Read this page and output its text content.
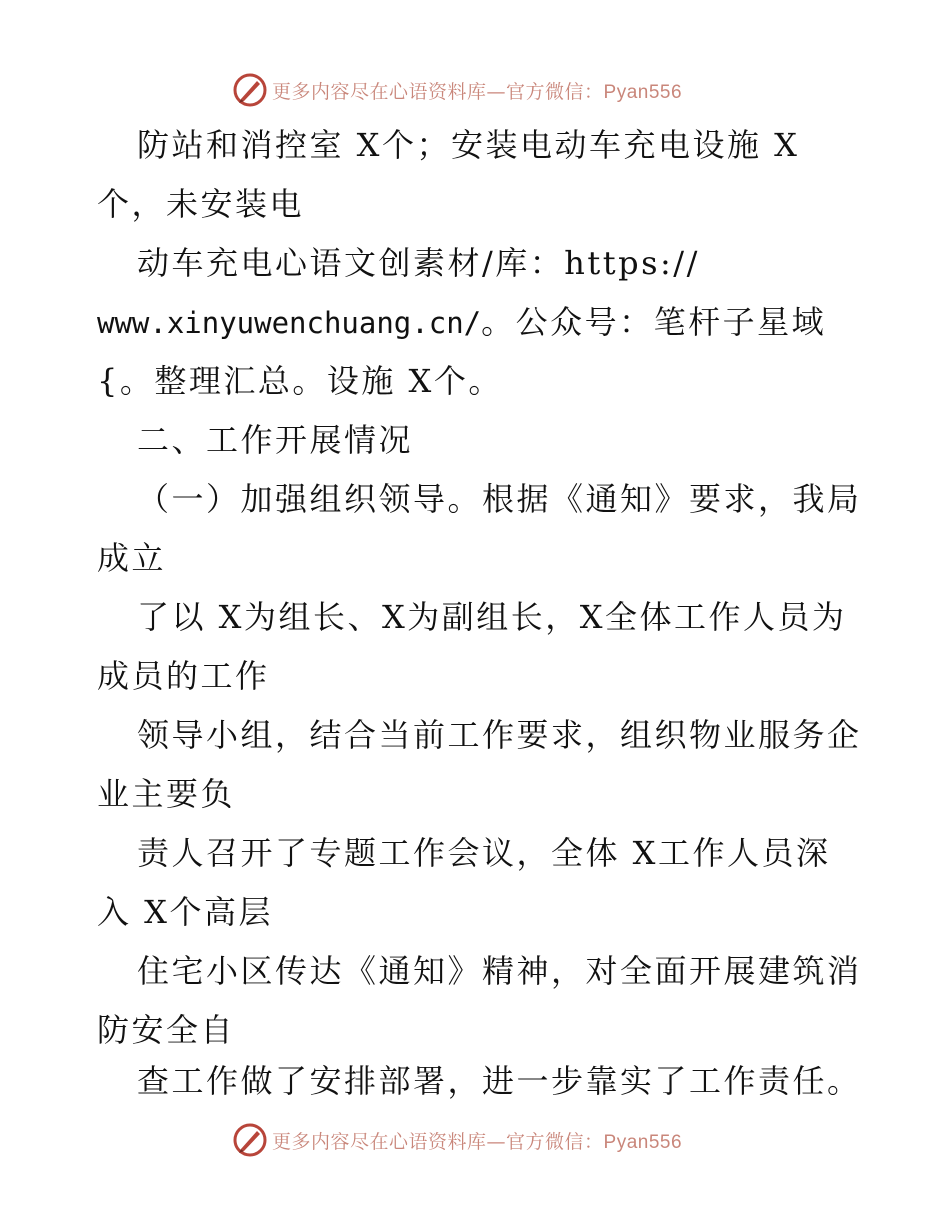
更多内容尽在心语资料库—官方微信：Pyan556
防站和消控室 X个；安装电动车充电设施 X
个，未安装电
动车充电心语文创素材/库：https://
www.xinyuwenchuang.cn/。公众号：笔杆子星域
{。整理汇总。设施 X个。
二、工作开展情况
（一）加强组织领导。根据《通知》要求，我局
成立
了以 X为组长、X为副组长，X全体工作人员为
成员的工作
领导小组，结合当前工作要求，组织物业服务企
业主要负
责人召开了专题工作会议，全体 X工作人员深
入 X个高层
住宅小区传达《通知》精神，对全面开展建筑消
防安全自
查工作做了安排部署，进一步靠实了工作责任。
更多内容尽在心语资料库—官方微信：Pyan556
